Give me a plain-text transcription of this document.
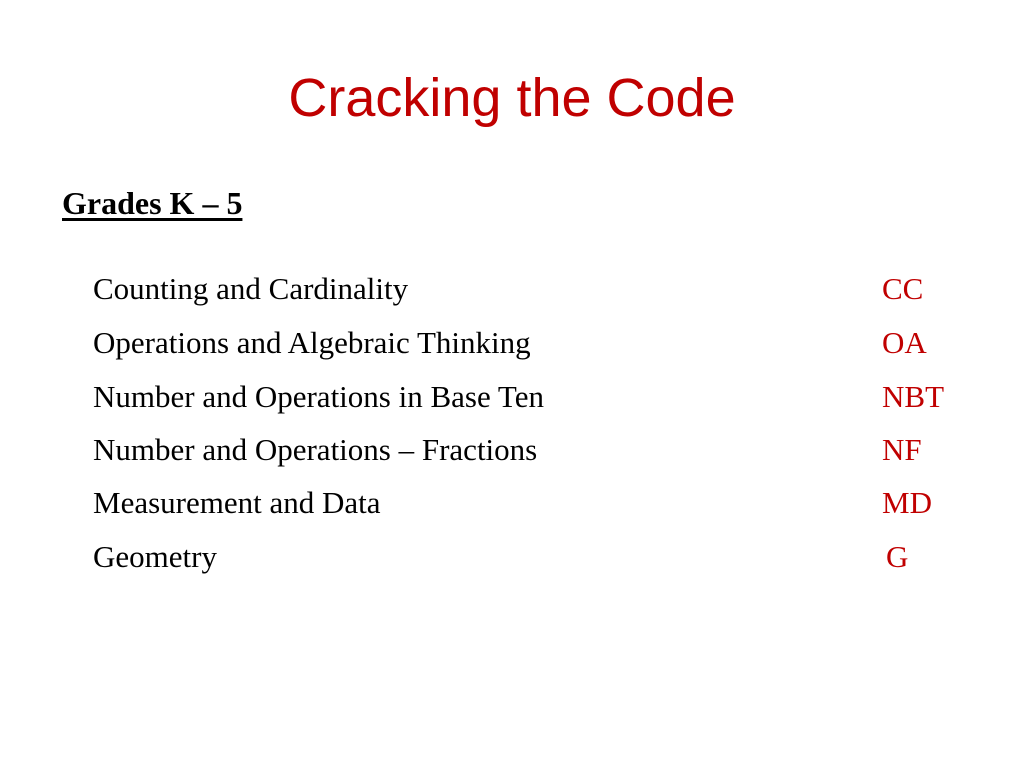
Cracking the Code
Grades K – 5
Counting and Cardinality	CC
Operations and Algebraic Thinking	OA
Number and Operations in Base Ten	NBT
Number and Operations – Fractions	NF
Measurement and Data	MD
Geometry	G
